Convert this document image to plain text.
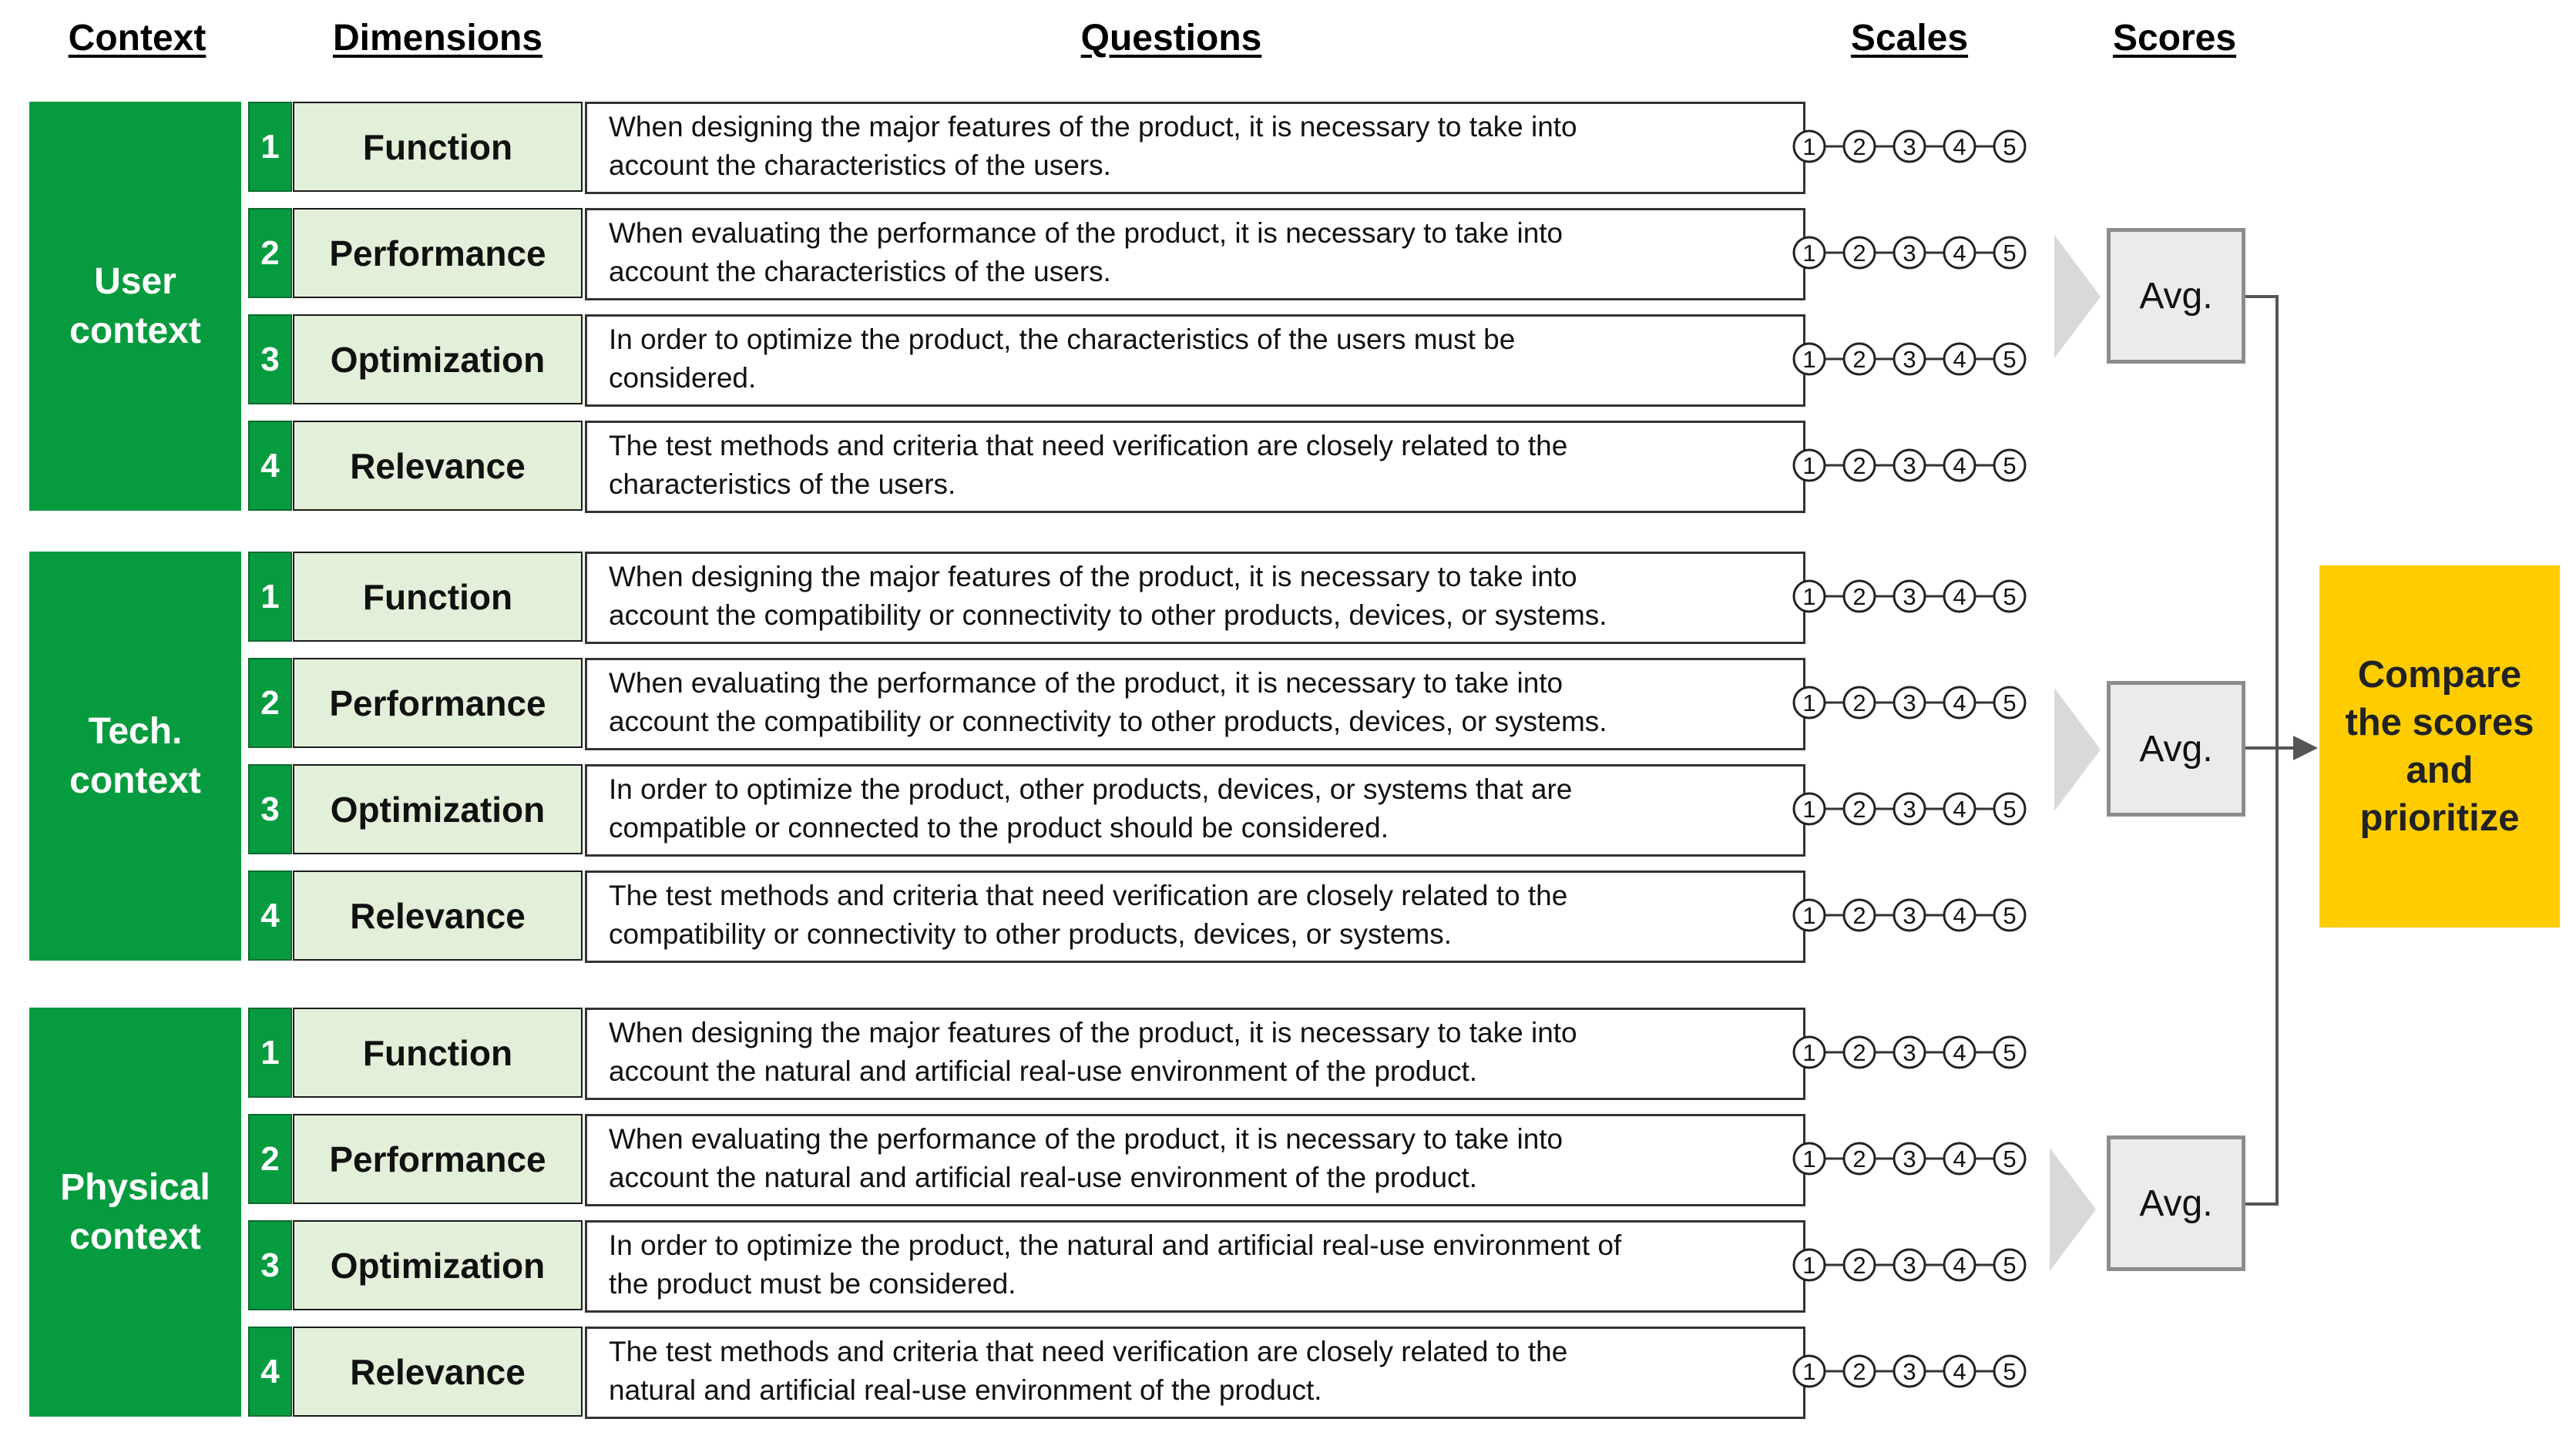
Context	Dimensions	Questions	Scales	Scores
User
context
1	Function	When designing the major features of the product, it is necessary to take into
account the characteristics of the users.
1 2 3 4 5
2	Performance	When evaluating the performance of the product, it is necessary to take into
account the characteristics of the users.
1 2 3 4 5
3	Optimization	In order to optimize the product, the characteristics of the users must be
considered.
1 2 3 4 5
4	Relevance	The test methods and criteria that need verification are closely related to the
characteristics of the users.
1 2 3 4 5
Tech.
context
1	Function	When designing the major features of the product, it is necessary to take into
account the compatibility or connectivity to other products, devices, or systems.
1 2 3 4 5
2	Performance	When evaluating the performance of the product, it is necessary to take into
account the compatibility or connectivity to other products, devices, or systems.
1 2 3 4 5
3	Optimization	In order to optimize the product, other products, devices, or systems that are
compatible or connected to the product should be considered.
1 2 3 4 5
4	Relevance	The test methods and criteria that need verification are closely related to the
compatibility or connectivity to other products, devices, or systems.
1 2 3 4 5
Physical
context
1	Function	When designing the major features of the product, it is necessary to take into
account the natural and artificial real-use environment of the product.
1 2 3 4 5
2	Performance	When evaluating the performance of the product, it is necessary to take into
account the natural and artificial real-use environment of the product.
1 2 3 4 5
3	Optimization	In order to optimize the product, the natural and artificial real-use environment of
the product must be considered.
1 2 3 4 5
4	Relevance	The test methods and criteria that need verification are closely related to the
natural and artificial real-use environment of the product.
1 2 3 4 5
Avg.
Avg.
Avg.
Compare
the scores
and
prioritize
